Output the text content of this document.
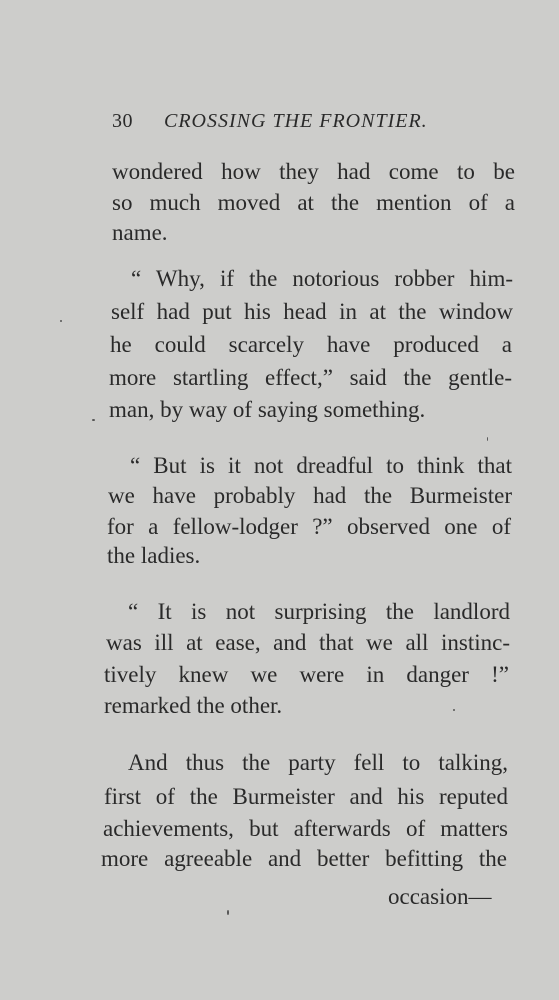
30 CROSSING THE FRONTIER.
wondered how they had come to be
so much moved at the mention of a
name.
“ Why, if the notorious robber him-
self had put his head in at the window
he could scarcely have produced a
more startling effect,” said the gentle-
man, by way of saying something.
“ But is it not dreadful to think that
we have probably had the Burmeister
for a fellow-lodger ?” observed one of
the ladies.
“ It is not surprising the landlord
was ill at ease, and that we all instinc-
tively knew we were in danger !”
remarked the other.
And thus the party fell to talking,
first of the Burmeister and his reputed
achievements, but afterwards of matters
more agreeable and better befitting the
occasion—
